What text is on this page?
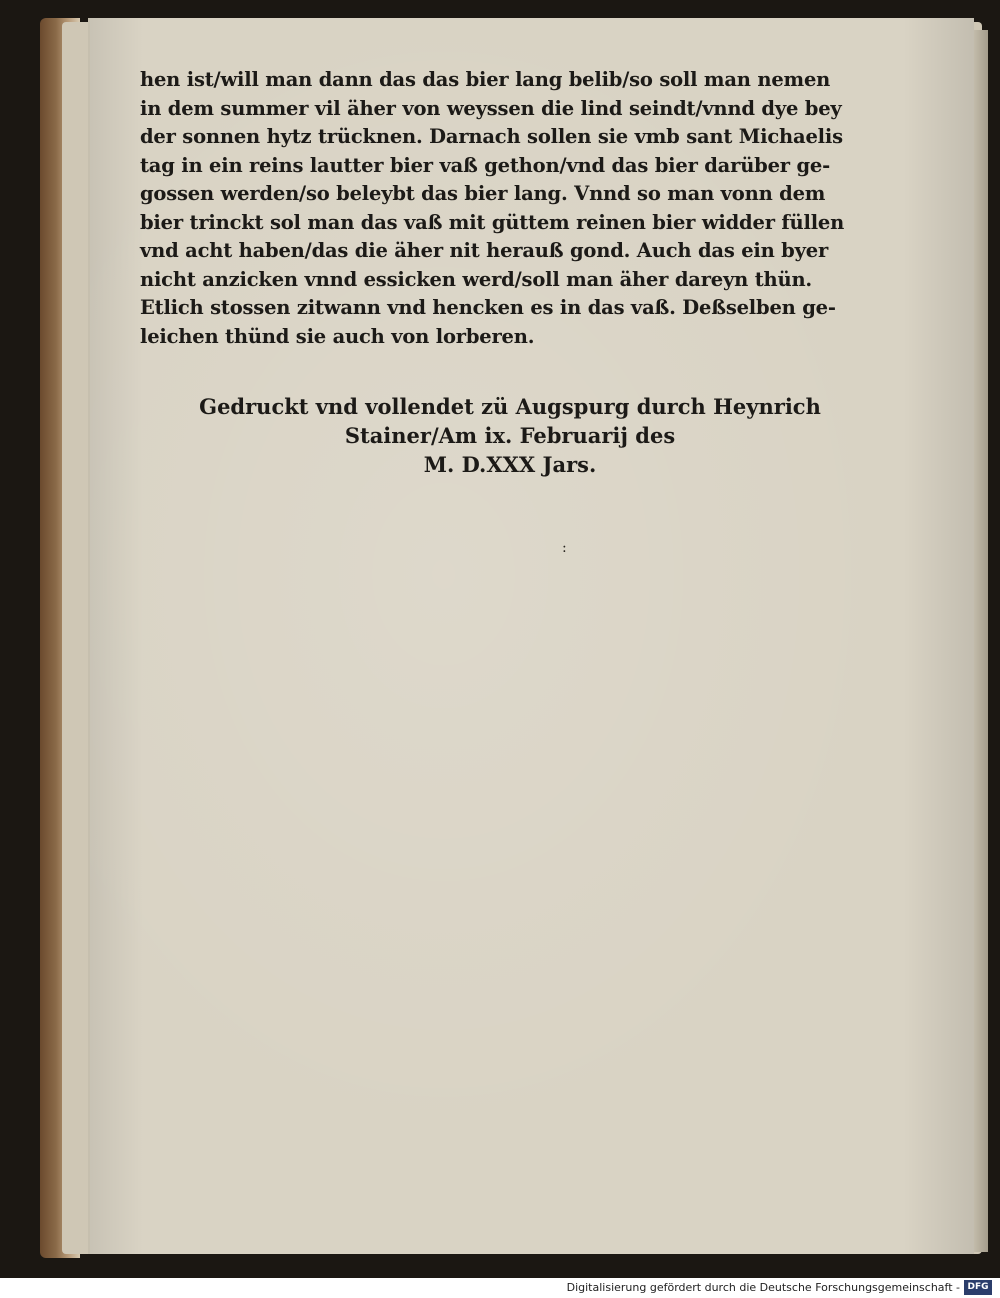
hen ist/will man dann das das bier lang belib/so soll man nemen
in dem summer vil äher von weyssen die lind seindt/vnnd dye bey
der sonnen hytz trücknen. Darnach sollen sie vmb sant Michaelis
tag in ein reins lautter bier vaß gethon/vnd das bier darüber ge-
gossen werden/so beleybt das bier lang. Vnnd so man vonn dem
bier trinckt sol man das vaß mit güttem reinen bier widder füllen
vnd acht haben/das die äher nit herauß gond. Auch das ein byer
nicht anzicken vnnd essicken werd/soll man äher dareyn thün.
Etlich stossen zitwann vnd hencken es in das vaß. Deßselben ge-
leichen thünd sie auch von lorberen.
Gedruckt vnd vollendet zü Augspurg durch Heynrich
Stainer/Am ix. Februarij des
M. D.XXX Jars.
:
Digitalisierung gefördert durch die Deutsche Forschungsgemeinschaft - DFG
